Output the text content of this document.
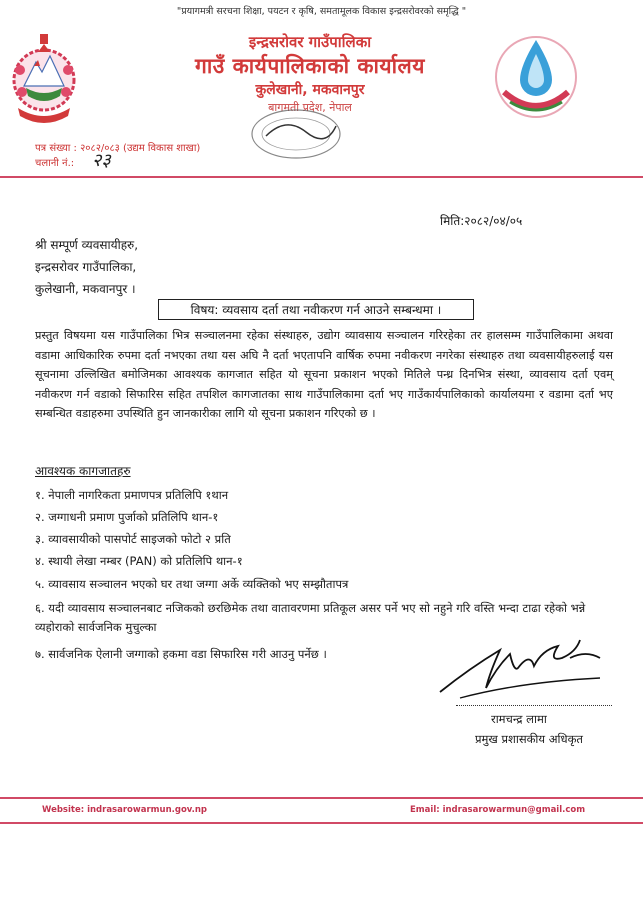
"प्रयागमत्री सरचना शिक्षा, पयटन र कृषि, समतामूलक विकास इन्द्रसरोवरको समृद्धि "
इन्द्रसरोवर गाउँपालिका
गाउँ कार्यपालिकाको कार्यालय
कुलेखानी, मकवानपुर
बागमती प्रदेश, नेपाल
पत्र संख्या : २०८२/०८३ (उद्यम विकास शाखा)
चलानी नं.: २३
मिति:२०८२/०४/०५
श्री सम्पूर्ण व्यवसायीहरु,
इन्द्रसरोवर गाउँपालिका,
कुलेखानी, मकवानपुर ।
विषय: व्यवसाय दर्ता तथा नवीकरण गर्न आउने सम्बन्धमा ।
प्रस्तुत विषयमा यस गाउँपालिका भित्र सञ्चालनमा रहेका संस्थाहरु, उद्योग व्यावसाय सञ्चालन गरिरहेका तर हालसम्म गाउँपालिकामा अथवा वडामा आधिकारिक रुपमा दर्ता नभएका तथा यस अघि नै दर्ता भएतापनि वार्षिक रुपमा नवीकरण नगरेका संस्थाहरु तथा व्यवसायीहरुलाई यस सूचनामा उल्लिखित बमोजिमका आवश्यक कागजात सहित यो सूचना प्रकाशन भएको मितिले पन्ध्र दिनभित्र संस्था, व्यावसाय दर्ता एवम् नवीकरण गर्न वडाको सिफारिस सहित तपशिल कागजातका साथ गाउँपालिकामा दर्ता भए गाउँकार्यपालिकाको कार्यालयमा र वडामा दर्ता भए सम्बन्धित वडाहरुमा उपस्थिति हुन जानकारीका लागि यो सूचना प्रकाशन गरिएको छ ।
आवश्यक कागजातहरु
१. नेपाली नागरिकता प्रमाणपत्र प्रतिलिपि १थान
२. जग्गाधनी प्रमाण पुर्जाको प्रतिलिपि थान-१
३. व्यावसायीको पासपोर्ट साइजको फोटो २ प्रति
४. स्थायी लेखा नम्बर (PAN) को प्रतिलिपि थान-१
५. व्यावसाय सञ्चालन भएको घर तथा जग्गा अर्के व्यक्तिको भए सम्झौतापत्र
६. यदी व्यावसाय सञ्चालनबाट नजिकको छरछिमेक तथा वातावरणमा प्रतिकूल असर पर्ने भए सो नहुने गरि वस्ति भन्दा टाढा रहेको भन्ने व्यहोराको सार्वजनिक मुचुल्का
७. सार्वजनिक ऐलानी जग्गाको हकमा वडा सिफारिस गरी आउनु पर्नेछ ।
रामचन्द्र लामा
प्रमुख प्रशासकीय अधिकृत
Website: indrasarowarmun.gov.np	Email: indrasarowarmun@gmail.com
